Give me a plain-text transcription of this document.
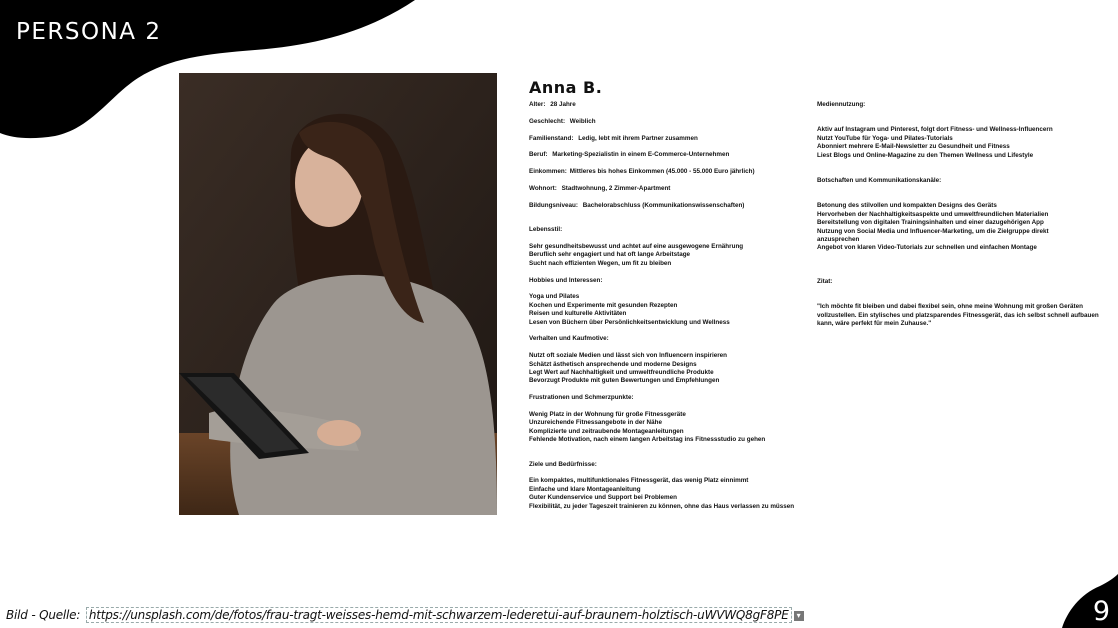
PERSONA 2
Anna B.
Alter: 28 Jahre
Geschlecht: Weiblich
Familienstand: Ledig, lebt mit ihrem Partner zusammen
Beruf: Marketing-Spezialistin in einem E-Commerce-Unternehmen
Einkommen: Mittleres bis hohes Einkommen (45.000 - 55.000 Euro jährlich)
Wohnort: Stadtwohnung, 2 Zimmer-Apartment
Bildungsniveau: Bachelorabschluss (Kommunikationswissenschaften)
Lebensstil:
Sehr gesundheitsbewusst und achtet auf eine ausgewogene Ernährung
Beruflich sehr engagiert und hat oft lange Arbeitstage
Sucht nach effizienten Wegen, um fit zu bleiben
Hobbies und Interessen:
Yoga und Pilates
Kochen und Experimente mit gesunden Rezepten
Reisen und kulturelle Aktivitäten
Lesen von Büchern über Persönlichkeitsentwicklung und Wellness
Verhalten und Kaufmotive:
Nutzt oft soziale Medien und lässt sich von Influencern inspirieren
Schätzt ästhetisch ansprechende und moderne Designs
Legt Wert auf Nachhaltigkeit und umweltfreundliche Produkte
Bevorzugt Produkte mit guten Bewertungen und Empfehlungen
Frustrationen und Schmerzpunkte:
Wenig Platz in der Wohnung für große Fitnessgeräte
Unzureichende Fitnessangebote in der Nähe
Komplizierte und zeitraubende Montageanleitungen
Fehlende Motivation, nach einem langen Arbeitstag ins Fitnessstudio zu gehen
Ziele und Bedürfnisse:
Ein kompaktes, multifunktionales Fitnessgerät, das wenig Platz einnimmt
Einfache und klare Montageanleitung
Guter Kundenservice und Support bei Problemen
Flexibilität, zu jeder Tageszeit trainieren zu können, ohne das Haus verlassen zu müssen
Mediennutzung:
Aktiv auf Instagram und Pinterest, folgt dort Fitness- und Wellness-Influencern
Nutzt YouTube für Yoga- und Pilates-Tutorials
Abonniert mehrere E-Mail-Newsletter zu Gesundheit und Fitness
Liest Blogs und Online-Magazine zu den Themen Wellness und Lifestyle
Botschaften und Kommunikationskanäle:
Betonung des stilvollen und kompakten Designs des Geräts
Hervorheben der Nachhaltigkeitsaspekte und umweltfreundlichen Materialien
Bereitstellung von digitalen Trainingsinhalten und einer dazugehörigen App
Nutzung von Social Media und Influencer-Marketing, um die Zielgruppe direkt
anzusprechen
Angebot von klaren Video-Tutorials zur schnellen und einfachen Montage
Zitat:
"Ich möchte fit bleiben und dabei flexibel sein, ohne meine Wohnung mit großen Geräten
vollzustellen. Ein stylisches und platzsparendes Fitnessgerät, das ich selbst schnell aufbauen
kann, wäre perfekt für mein Zuhause."
Bild - Quelle: https://unsplash.com/de/fotos/frau-tragt-weisses-hemd-mit-schwarzem-lederetui-auf-braunem-holztisch-uWVWQ8gF8PE ▾	9
